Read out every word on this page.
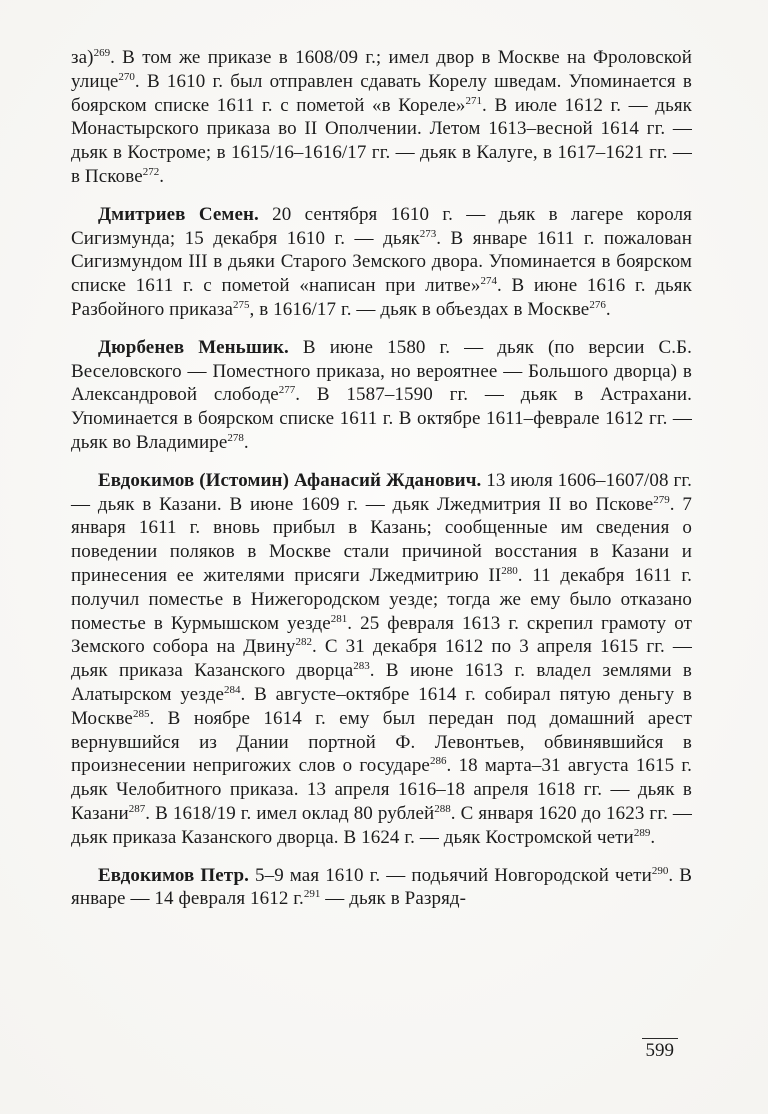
за)$^{269}$. В том же приказе в 1608/09 г.; имел двор в Москве на Фроловской улице$^{270}$. В 1610 г. был отправлен сдавать Корелу шведам. Упоминается в боярском списке 1611 г. с пометой «в Кореле»$^{271}$. В июле 1612 г. — дьяк Монастырского приказа во II Ополчении. Летом 1613–весной 1614 гг. — дьяк в Костроме; в 1615/16–1616/17 гг. — дьяк в Калуге, в 1617–1621 гг. — в Пскове$^{272}$.

Дмитриев Семен. 20 сентября 1610 г. — дьяк в лагере короля Сигизмунда; 15 декабря 1610 г. — дьяк$^{273}$. В январе 1611 г. пожалован Сигизмундом III в дьяки Старого Земского двора. Упоминается в боярском списке 1611 г. с пометой «написан при литве»$^{274}$. В июне 1616 г. дьяк Разбойного приказа$^{275}$, в 1616/17 г. — дьяк в объездах в Москве$^{276}$.

Дюрбенев Меньшик. В июне 1580 г. — дьяк (по версии С.Б. Веселовского — Поместного приказа, но вероятнее — Большого дворца) в Александровой слободе$^{277}$. В 1587–1590 гг. — дьяк в Астрахани. Упоминается в боярском списке 1611 г. В октябре 1611–феврале 1612 гг. — дьяк во Владимире$^{278}$.

Евдокимов (Истомин) Афанасий Жданович. 13 июля 1606–1607/08 гг. — дьяк в Казани. В июне 1609 г. — дьяк Лжедмитрия II во Пскове$^{279}$. 7 января 1611 г. вновь прибыл в Казань; сообщенные им сведения о поведении поляков в Москве стали причиной восстания в Казани и принесения ее жителями присяги Лжедмитрию II$^{280}$. 11 декабря 1611 г. получил поместье в Нижегородском уезде; тогда же ему было отказано поместье в Курмышском уезде$^{281}$. 25 февраля 1613 г. скрепил грамоту от Земского собора на Двину$^{282}$. С 31 декабря 1612 по 3 апреля 1615 гг. — дьяк приказа Казанского дворца$^{283}$. В июне 1613 г. владел землями в Алатырском уезде$^{284}$. В августе–октябре 1614 г. собирал пятую деньгу в Москве$^{285}$. В ноябре 1614 г. ему был передан под домашний арест вернувшийся из Дании портной Ф. Левонтьев, обвинявшийся в произнесении непригожих слов о государе$^{286}$. 18 марта–31 августа 1615 г. дьяк Челобитного приказа. 13 апреля 1616–18 апреля 1618 гг. — дьяк в Казани$^{287}$. В 1618/19 г. имел оклад 80 рублей$^{288}$. С января 1620 до 1623 гг. — дьяк приказа Казанского дворца. В 1624 г. — дьяк Костромской чети$^{289}$.

Евдокимов Петр. 5–9 мая 1610 г. — подьячий Новгородской чети$^{290}$. В январе — 14 февраля 1612 г.$^{291}$ — дьяк в Разряд-

599
